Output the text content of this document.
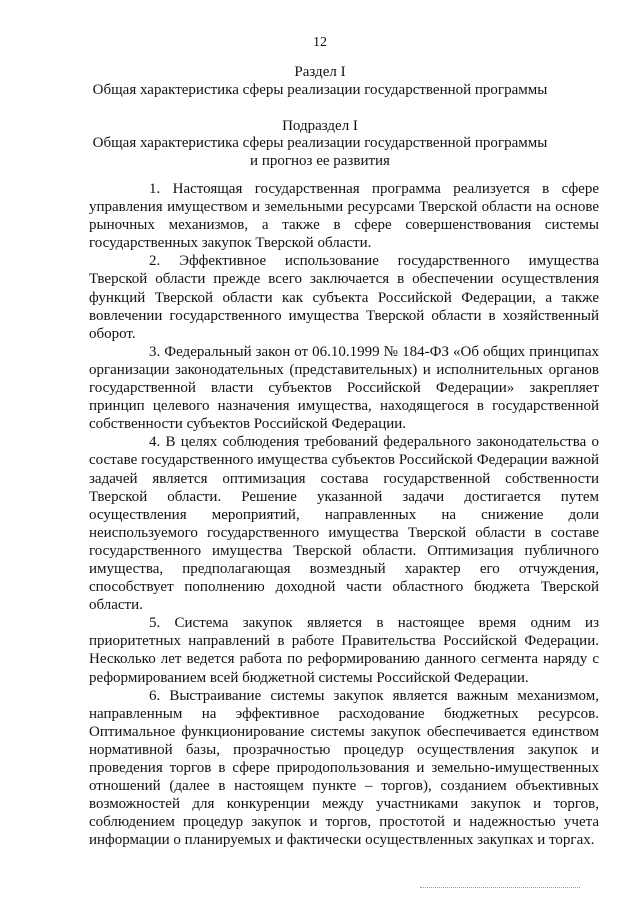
12
Раздел I
Общая характеристика сферы реализации государственной программы
Подраздел I
Общая характеристика сферы реализации государственной программы
и прогноз ее развития

1. Настоящая государственная программа реализуется в сфере управления имуществом и земельными ресурсами Тверской области на основе рыночных механизмов, а также в сфере совершенствования системы государственных закупок Тверской области.

2. Эффективное использование государственного имущества Тверской области прежде всего заключается в обеспечении осуществления функций Тверской области как субъекта Российской Федерации, а также вовлечении государственного имущества Тверской области в хозяйственный оборот.

3. Федеральный закон от 06.10.1999 № 184-ФЗ «Об общих принципах организации законодательных (представительных) и исполнительных органов государственной власти субъектов Российской Федерации» закрепляет принцип целевого назначения имущества, находящегося в государственной собственности субъектов Российской Федерации.

4. В целях соблюдения требований федерального законодательства о составе государственного имущества субъектов Российской Федерации важной задачей является оптимизация состава государственной собственности Тверской области. Решение указанной задачи достигается путем осуществления мероприятий, направленных на снижение доли неиспользуемого государственного имущества Тверской области в составе государственного имущества Тверской области. Оптимизация публичного имущества, предполагающая возмездный характер его отчуждения, способствует пополнению доходной части областного бюджета Тверской области.

5. Система закупок является в настоящее время одним из приоритетных направлений в работе Правительства Российской Федерации. Несколько лет ведется работа по реформированию данного сегмента наряду с реформированием всей бюджетной системы Российской Федерации.

6. Выстраивание системы закупок является важным механизмом, направленным на эффективное расходование бюджетных ресурсов. Оптимальное функционирование системы закупок обеспечивается единством нормативной базы, прозрачностью процедур осуществления закупок и проведения торгов в сфере природопользования и земельно-имущественных отношений (далее в настоящем пункте – торгов), созданием объективных возможностей для конкуренции между участниками закупок и торгов, соблюдением процедур закупок и торгов, простотой и надежностью учета информации о планируемых и фактически осуществленных закупках и торгах.
